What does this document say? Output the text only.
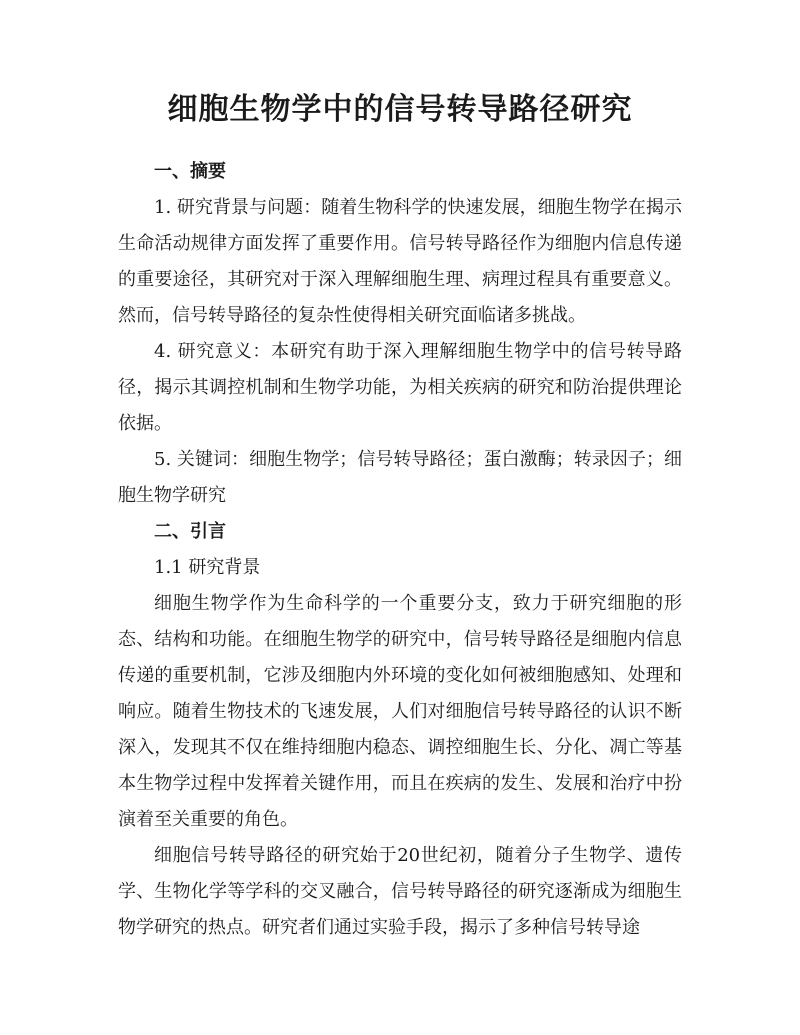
细胞生物学中的信号转导路径研究

一、摘要

1. 研究背景与问题：随着生物科学的快速发展，细胞生物学在揭示生命活动规律方面发挥了重要作用。信号转导路径作为细胞内信息传递的重要途径，其研究对于深入理解细胞生理、病理过程具有重要意义。然而，信号转导路径的复杂性使得相关研究面临诸多挑战。

4. 研究意义：本研究有助于深入理解细胞生物学中的信号转导路径，揭示其调控机制和生物学功能，为相关疾病的研究和防治提供理论依据。

5. 关键词：细胞生物学；信号转导路径；蛋白激酶；转录因子；细胞生物学研究

二、引言

1.1 研究背景

细胞生物学作为生命科学的一个重要分支，致力于研究细胞的形态、结构和功能。在细胞生物学的研究中，信号转导路径是细胞内信息传递的重要机制，它涉及细胞内外环境的变化如何被细胞感知、处理和响应。随着生物技术的飞速发展，人们对细胞信号转导路径的认识不断深入，发现其不仅在维持细胞内稳态、调控细胞生长、分化、凋亡等基本生物学过程中发挥着关键作用，而且在疾病的发生、发展和治疗中扮演着至关重要的角色。

细胞信号转导路径的研究始于20世纪初，随着分子生物学、遗传学、生物化学等学科的交叉融合，信号转导路径的研究逐渐成为细胞生物学研究的热点。研究者们通过实验手段，揭示了多种信号转导途
